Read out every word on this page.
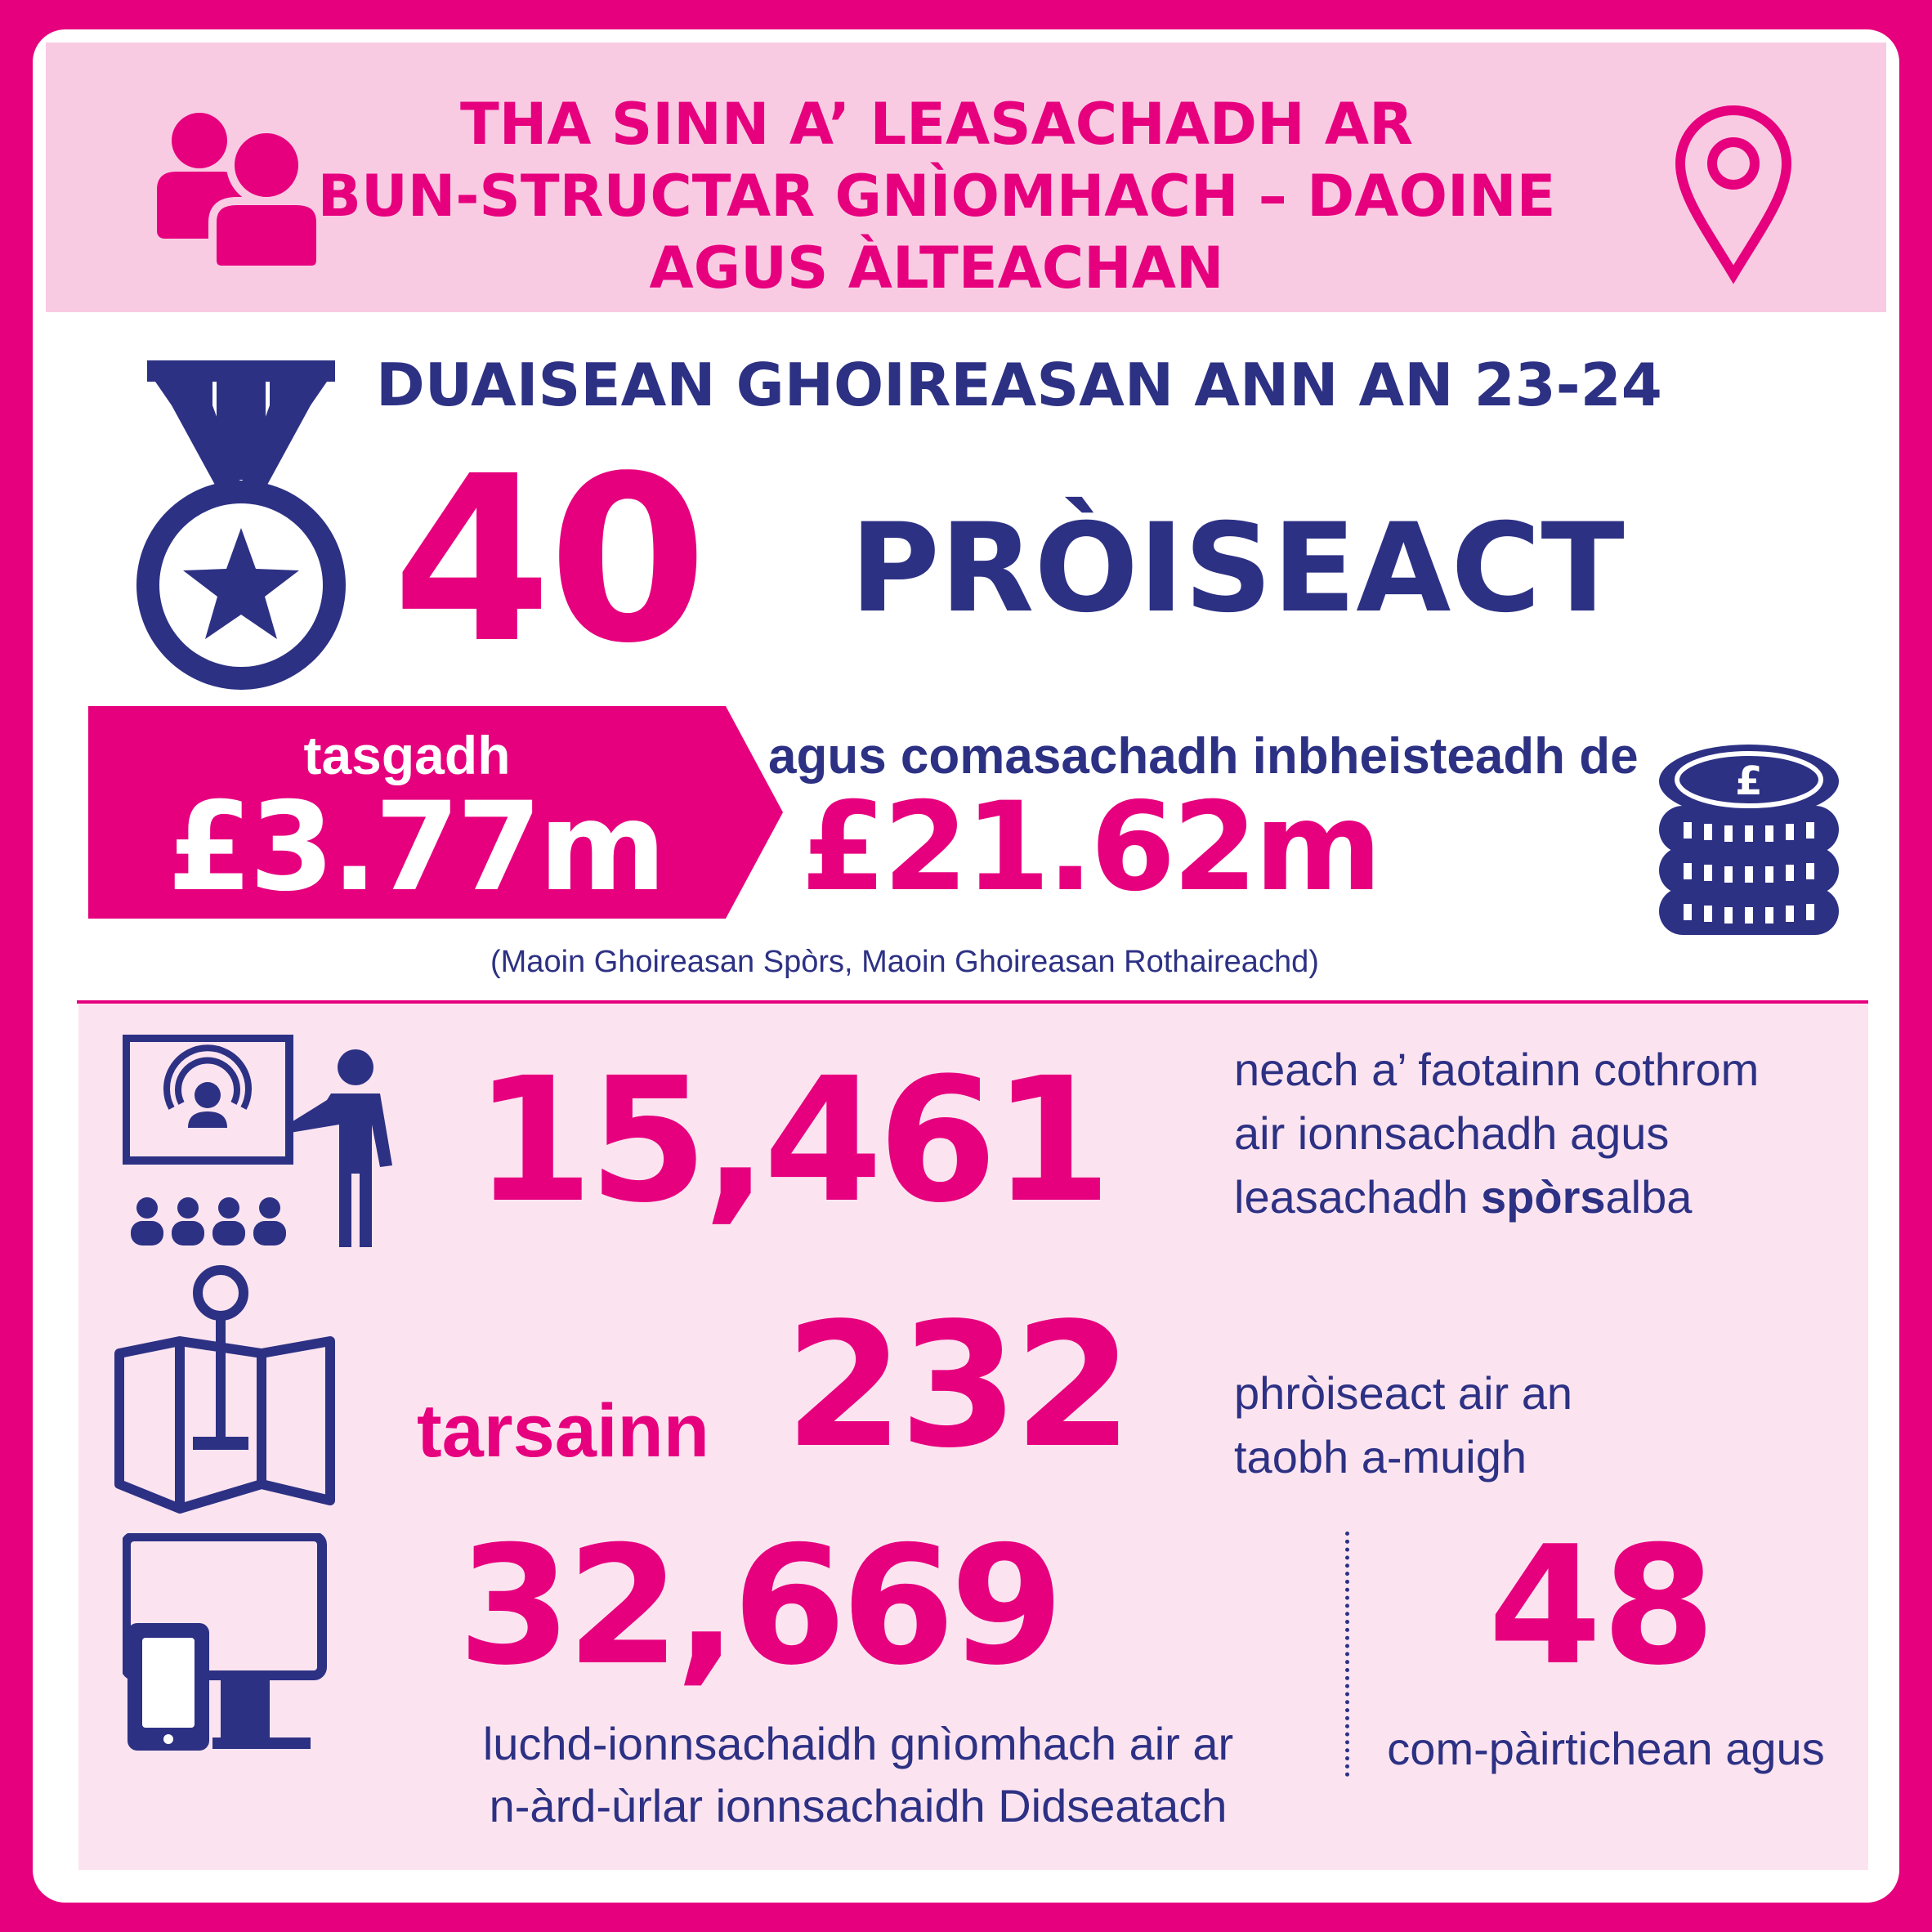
THA SINN A’ LEASACHADH AR
BUN-STRUCTAR GNÌOMHACH – DAOINE
AGUS ÀLTEACHAN
DUAISEAN GHOIREASAN ANN AN 23-24
40	PRÒISEACT
tasgadh
£3.77m
agus comasachadh inbheisteadh de
£21.62m	£
(Maoin Ghoireasan Spòrs, Maoin Ghoireasan Rothaireachd)
15,461	neach a’ faotainn cothrom
air ionnsachadh agus
leasachadh spòrsalba
tarsainn 232 phròiseact air an
taobh a-muigh
32,669
luchd-ionnsachaidh gnìomhach air ar
n-àrd-ùrlar ionnsachaidh Didseatach
48
com-pàirtichean agus
